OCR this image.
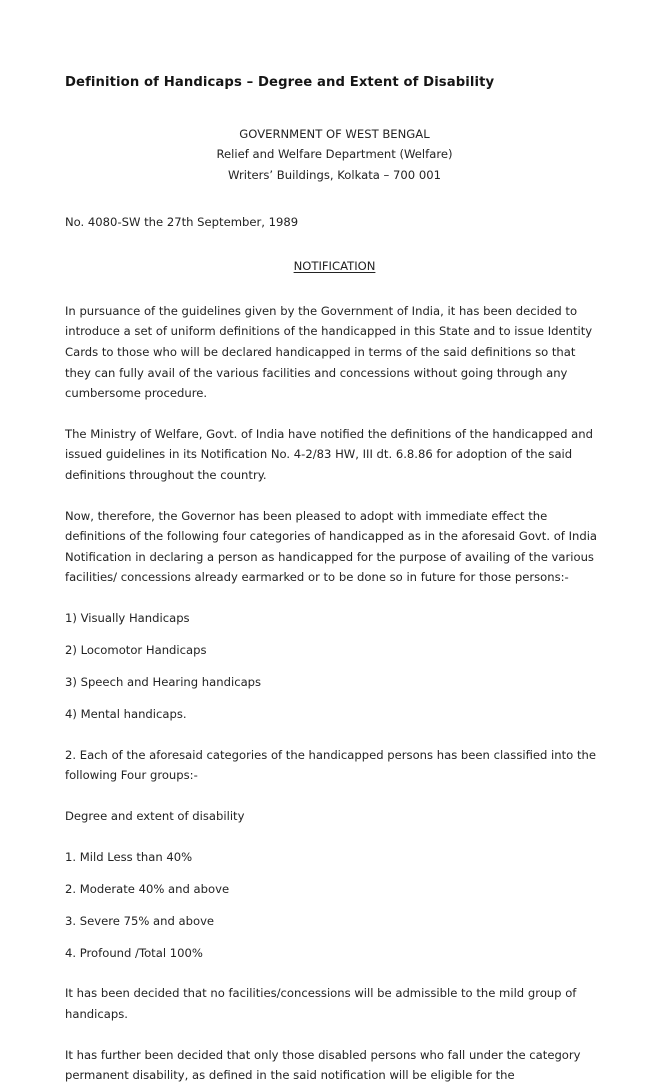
Definition of Handicaps – Degree and Extent of Disability
GOVERNMENT OF WEST BENGAL
Relief and Welfare Department (Welfare)
Writers’ Buildings, Kolkata – 700 001
No. 4080-SW the 27th September, 1989
NOTIFICATION

In pursuance of the guidelines given by the Government of India, it has been decided to introduce a set of uniform definitions of the handicapped in this State and to issue Identity Cards to those who will be declared handicapped in terms of the said definitions so that they can fully avail of the various facilities and concessions without going through any cumbersome procedure.

The Ministry of Welfare, Govt. of India have notified the definitions of the handicapped and issued guidelines in its Notification No. 4-2/83 HW, III dt. 6.8.86 for adoption of the said definitions throughout the country.

Now, therefore, the Governor has been pleased to adopt with immediate effect the definitions of the following four categories of handicapped as in the aforesaid Govt. of India Notification in declaring a person as handicapped for the purpose of availing of the various facilities/ concessions already earmarked or to be done so in future for those persons:-

1) Visually Handicaps
2) Locomotor Handicaps
3) Speech and Hearing handicaps
4) Mental handicaps.

2. Each of the aforesaid categories of the handicapped persons has been classified into the following Four groups:-

Degree and extent of disability
1. Mild Less than 40%
2. Moderate 40% and above
3. Severe 75% and above
4. Profound /Total 100%

It has been decided that no facilities/concessions will be admissible to the mild group of handicaps.

It has further been decided that only those disabled persons who fall under the category permanent disability, as defined in the said notification will be eligible for the
